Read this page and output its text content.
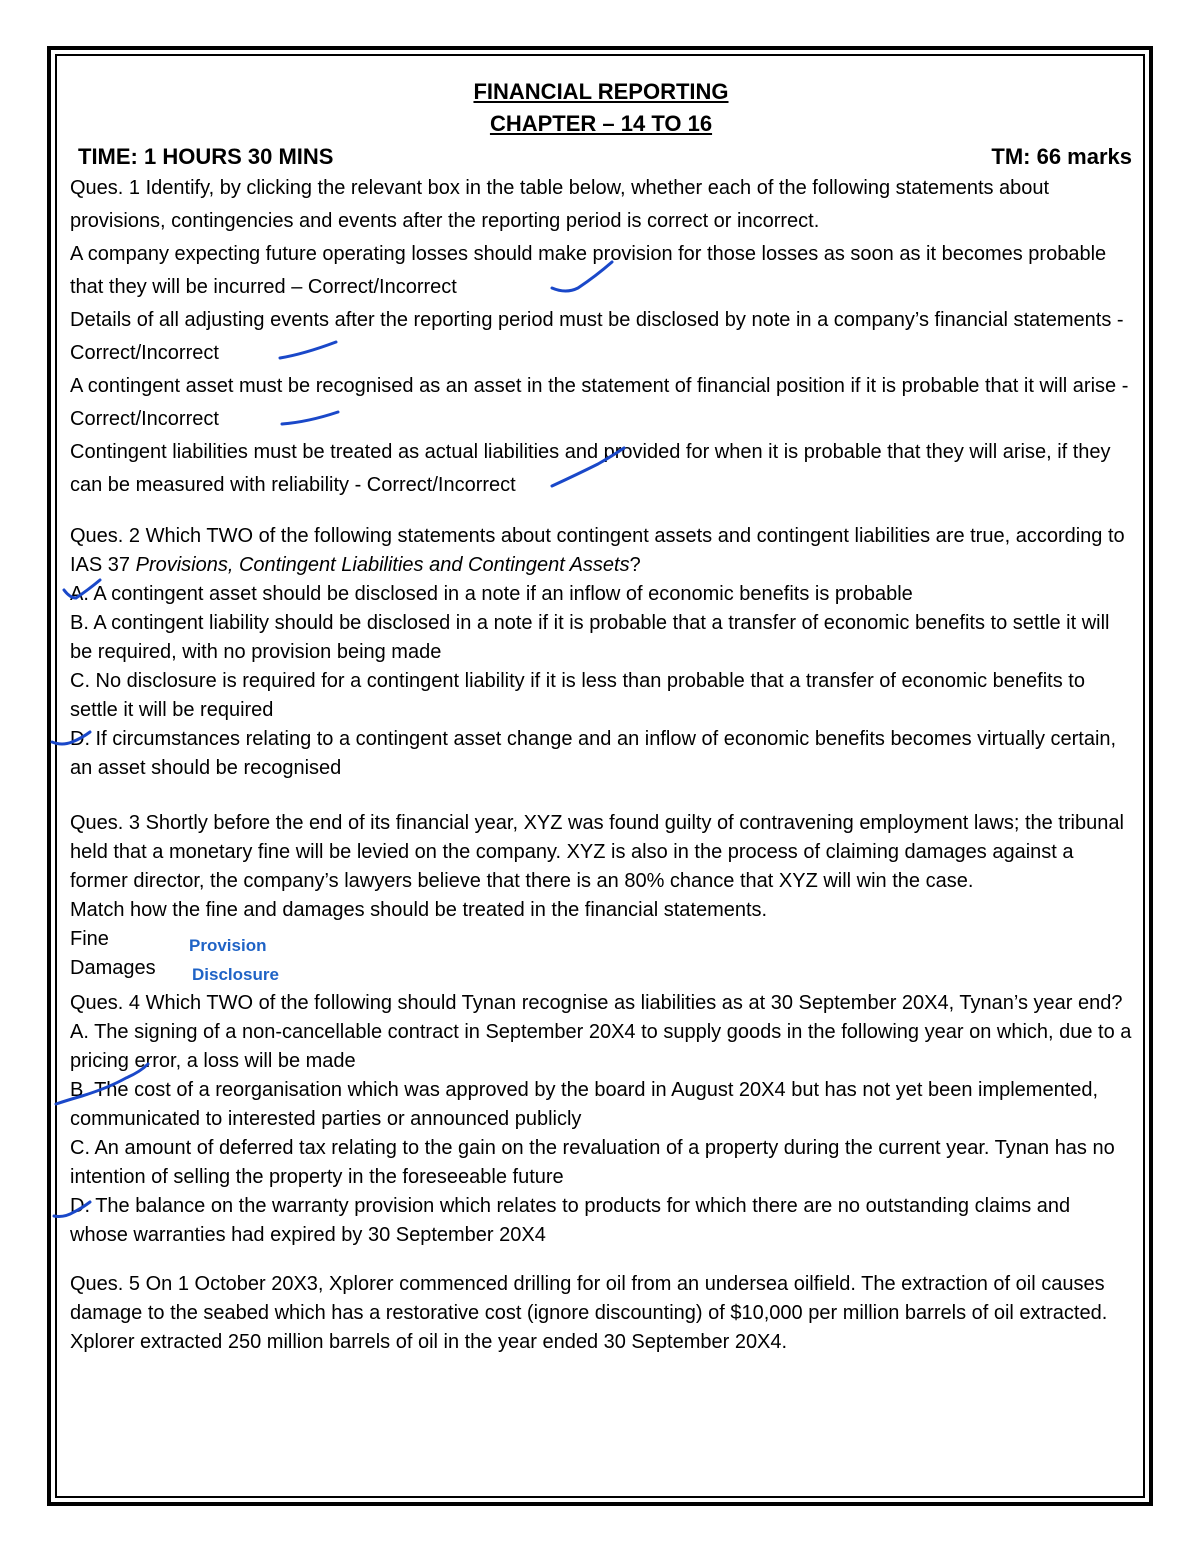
FINANCIAL REPORTING
CHAPTER – 14 TO 16
TIME: 1 HOURS 30 MINS	TM: 66 marks

Ques. 1 Identify, by clicking the relevant box in the table below, whether each of the following statements about provisions, contingencies and events after the reporting period is correct or incorrect.

A company expecting future operating losses should make provision for those losses as soon as it becomes probable that they will be incurred – Correct/Incorrect

Details of all adjusting events after the reporting period must be disclosed by note in a company’s financial statements - Correct/Incorrect

A contingent asset must be recognised as an asset in the statement of financial position if it is probable that it will arise - Correct/Incorrect

Contingent liabilities must be treated as actual liabilities and provided for when it is probable that they will arise, if they can be measured with reliability - Correct/Incorrect

Ques. 2 Which TWO of the following statements about contingent assets and contingent liabilities are true, according to IAS 37 Provisions, Contingent Liabilities and Contingent Assets?

A. A contingent asset should be disclosed in a note if an inflow of economic benefits is probable

B. A contingent liability should be disclosed in a note if it is probable that a transfer of economic benefits to settle it will be required, with no provision being made

C. No disclosure is required for a contingent liability if it is less than probable that a transfer of economic benefits to settle it will be required

D. If circumstances relating to a contingent asset change and an inflow of economic benefits becomes virtually certain, an asset should be recognised

Ques. 3 Shortly before the end of its financial year, XYZ was found guilty of contravening employment laws; the tribunal held that a monetary fine will be levied on the company. XYZ is also in the process of claiming damages against a former director, the company’s lawyers believe that there is an 80% chance that XYZ will win the case.

Match how the fine and damages should be treated in the financial statements.

Fine	Provision
Damages Disclosure

Ques. 4 Which TWO of the following should Tynan recognise as liabilities as at 30 September 20X4, Tynan’s year end?

A. The signing of a non-cancellable contract in September 20X4 to supply goods in the following year on which, due to a pricing error, a loss will be made

B. The cost of a reorganisation which was approved by the board in August 20X4 but has not yet been implemented, communicated to interested parties or announced publicly

C. An amount of deferred tax relating to the gain on the revaluation of a property during the current year. Tynan has no intention of selling the property in the foreseeable future

D. The balance on the warranty provision which relates to products for which there are no outstanding claims and whose warranties had expired by 30 September 20X4

Ques. 5 On 1 October 20X3, Xplorer commenced drilling for oil from an undersea oilfield. The extraction of oil causes damage to the seabed which has a restorative cost (ignore discounting) of $10,000 per million barrels of oil extracted. Xplorer extracted 250 million barrels of oil in the year ended 30 September 20X4.
